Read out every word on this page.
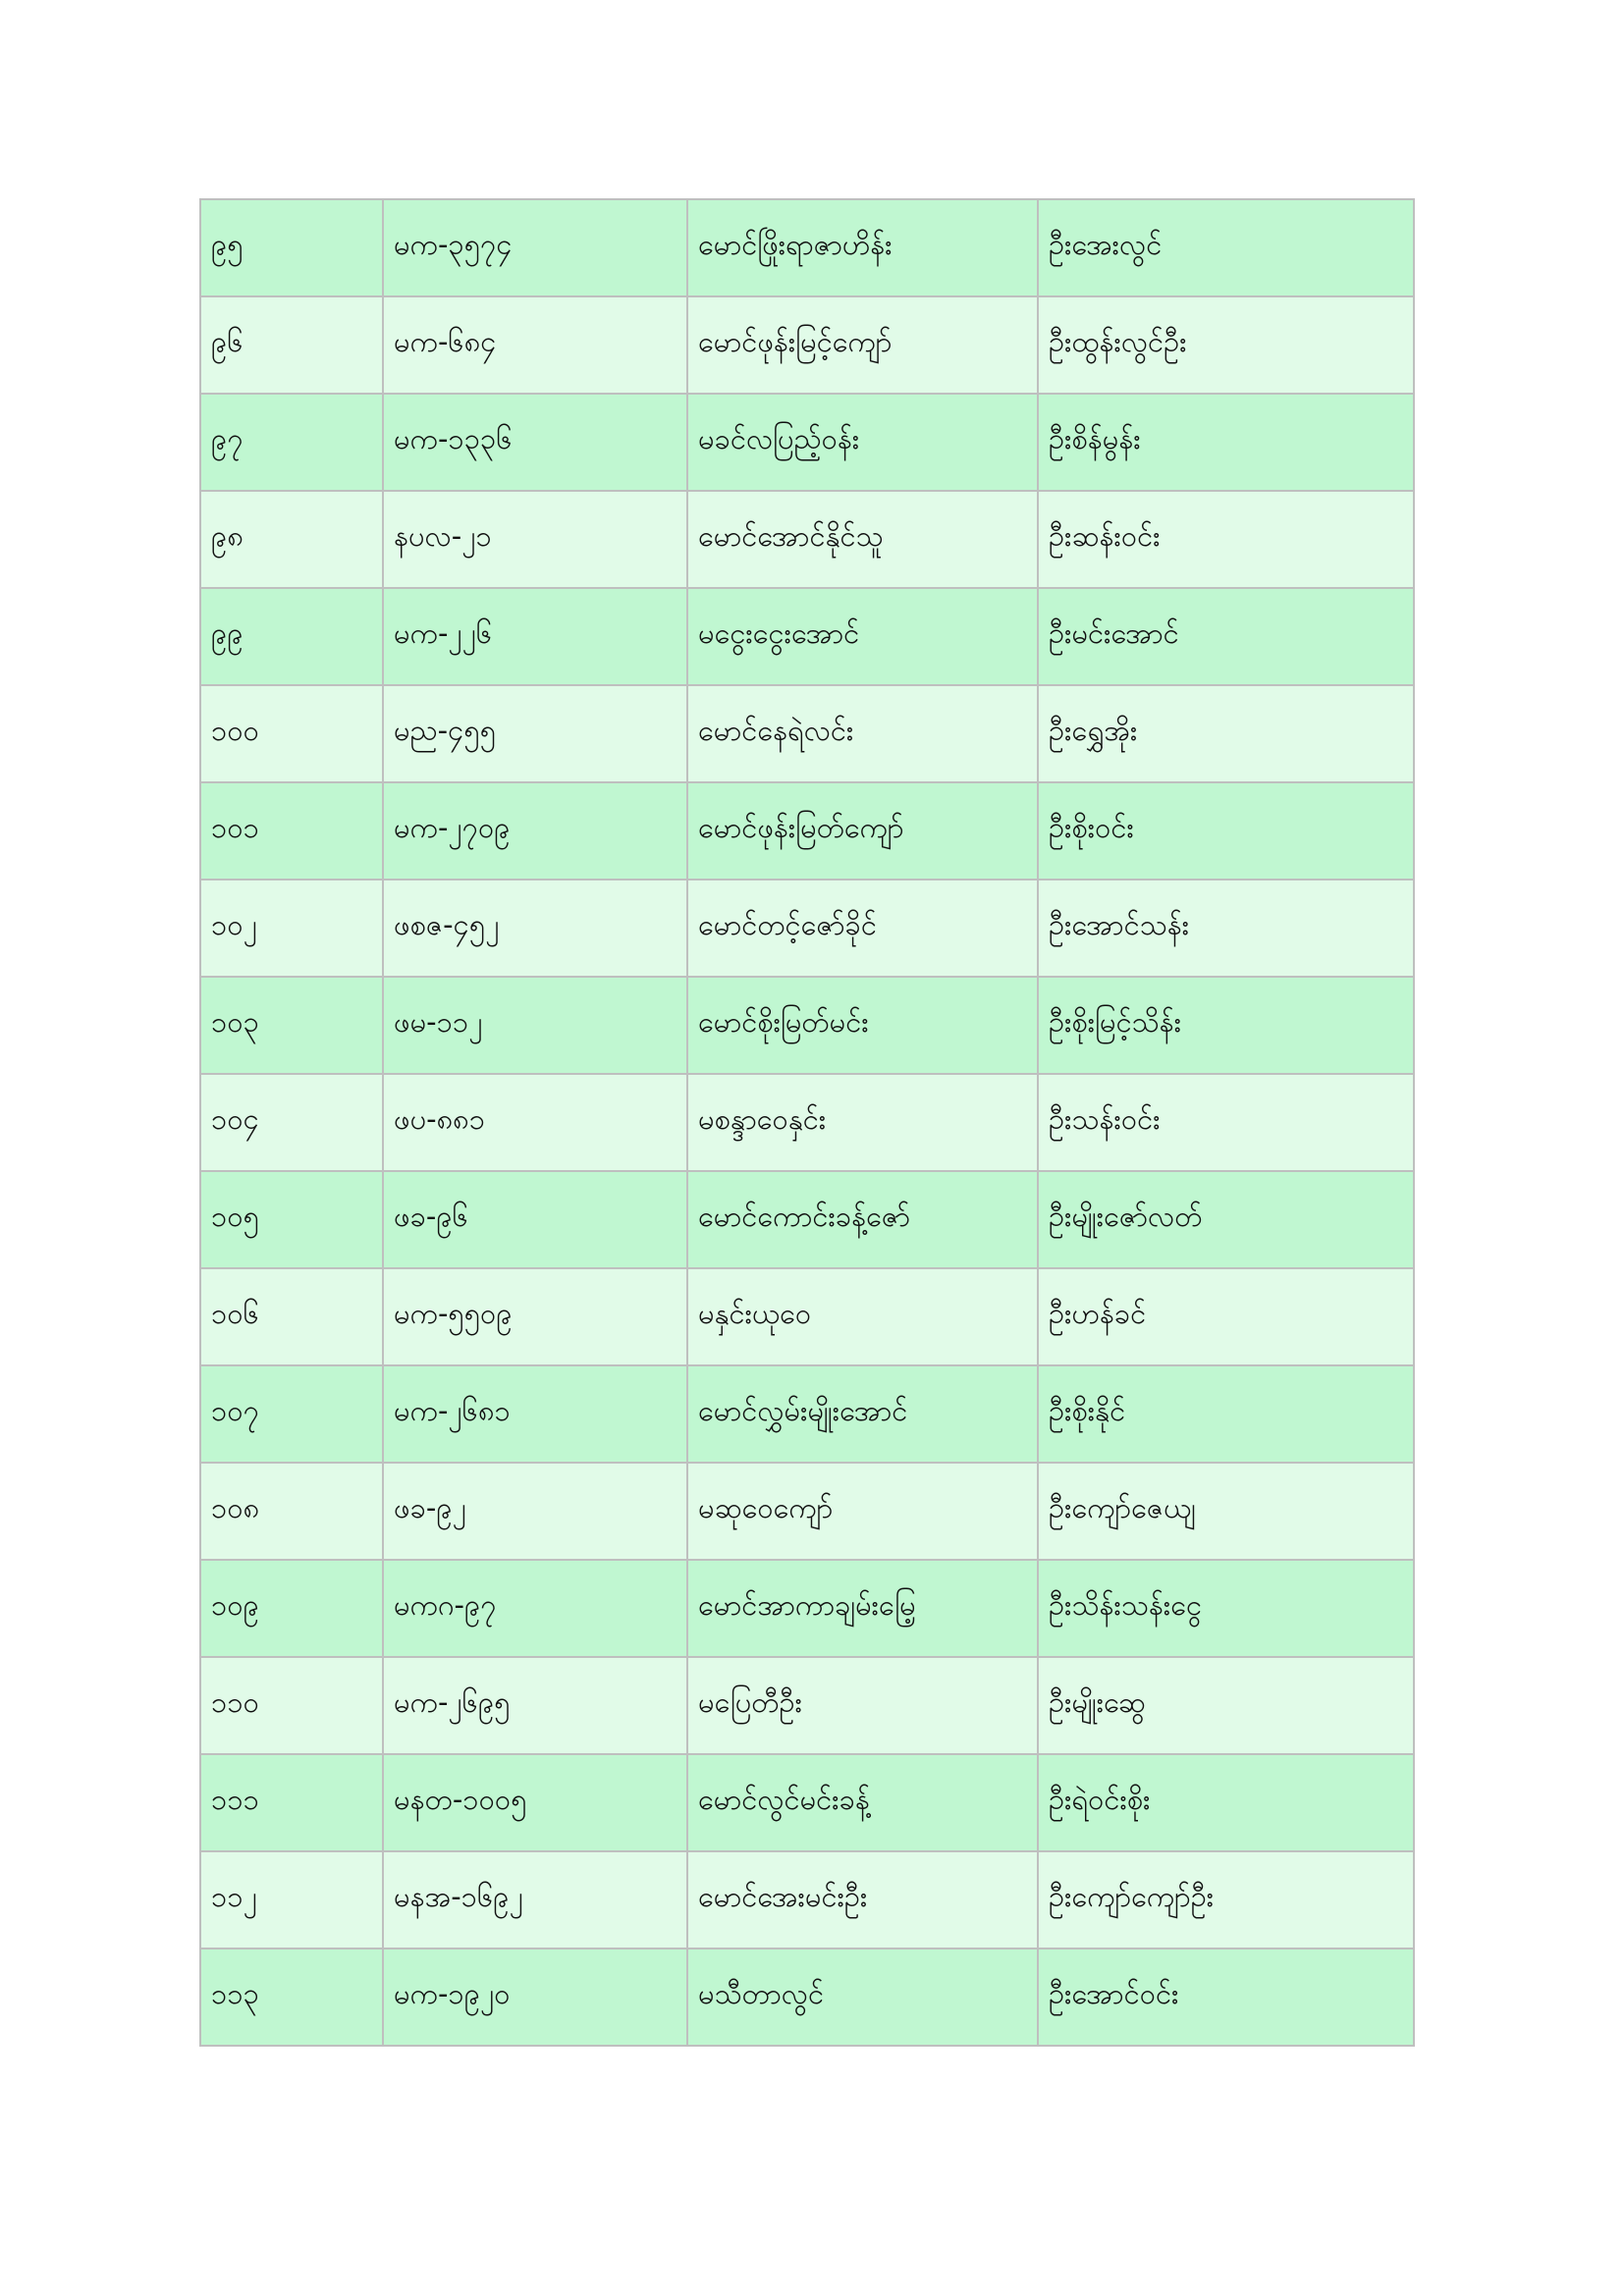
၉၅	မက-၃၅၇၄	မောင်ဖြိုးရာဇာဟိန်း	ဦးအေးလွင်
၉၆	မက-၆၈၄	မောင်ဖုန်းမြင့်ကျော်	ဦးထွန်းလွင်ဦး
၉၇	မက-၁၃၃၆	မခင်လပြည့်ဝန်း	ဦးစိန်မွန်း
၉၈	နပလ-၂၁	မောင်အောင်နိုင်သူ	ဦးဆန်းဝင်း
၉၉	မက-၂၂၆	မငွေးငွေးအောင်	ဦးမင်းအောင်
၁၀၀	မည-၄၅၅	မောင်နေရဲလင်း	ဦးရွှေအိုး
၁၀၁	မက-၂၇၀၉	မောင်ဖုန်းမြတ်ကျော်	ဦးစိုးဝင်း
၁၀၂	ဖစဇ-၄၅၂	မောင်တင့်ဇော်ခိုင်	ဦးအောင်သန်း
၁၀၃	ဖမ-၁၁၂	မောင်စိုးမြတ်မင်း	ဦးစိုးမြင့်သိန်း
၁၀၄	ဖပ-၈၈၁	မစန္ဒာဝေနှင်း	ဦးသန်းဝင်း
၁၀၅	ဖခ-၉၆	မောင်ကောင်းခန့်ဇော်	ဦးမျိုးဇော်လတ်
၁၀၆	မက-၅၅၀၉	မနှင်းယုဝေ	ဦးဟန်ခင်
၁၀၇	မက-၂၆၈၁	မောင်လွှမ်းမျိုးအောင်	ဦးစိုးနိုင်
၁၀၈	ဖခ-၉၂	မဆုဝေကျော်	ဦးကျော်ဇေယျ
၁၀၉	မကဂ-၉၇	မောင်အာကာချမ်းမြေ့	ဦးသိန်းသန်းငွေ
၁၁၀	မက-၂၆၉၅	မပြေတီဦး	ဦးမျိုးဆွေ
၁၁၁	မနတ-၁၀၀၅	မောင်လွင်မင်းခန့်	ဦးရဲဝင်းစိုး
၁၁၂	မနအ-၁၆၉၂	မောင်အေးမင်းဦး	ဦးကျော်ကျော်ဦး
၁၁၃	မက-၁၉၂၀	မသီတာလွင်	ဦးအောင်ဝင်း
